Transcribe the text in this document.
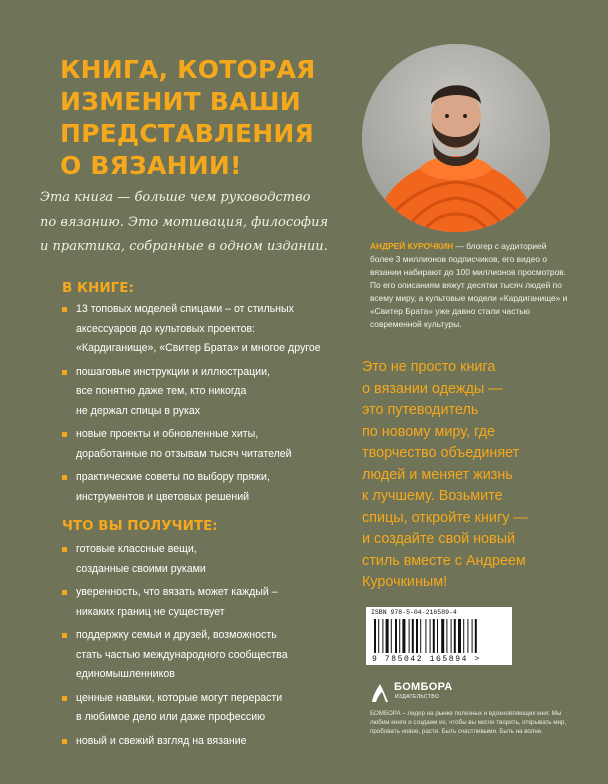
КНИГА, КОТОРАЯ
ИЗМЕНИТ ВАШИ
ПРЕДСТАВЛЕНИЯ
О ВЯЗАНИИ!
Эта книга — больше чем руководство
по вязанию. Это мотивация, философия
и практика, собранные в одном издании.
В КНИГЕ:
13 топовых моделей спицами – от стильных
аксессуаров до культовых проектов:
«Кардиганище», «Свитер Брата» и многое другое
пошаговые инструкции и иллюстрации,
все понятно даже тем, кто никогда
не держал спицы в руках
новые проекты и обновленные хиты,
доработанные по отзывам тысяч читателей
практические советы по выбору пряжи,
инструментов и цветовых решений
ЧТО ВЫ ПОЛУЧИТЕ:
готовые классные вещи,
созданные своими руками
уверенность, что вязать может каждый –
никаких границ не существует
поддержку семьи и друзей, возможность
стать частью международного сообщества
единомышленников
ценные навыки, которые могут перерасти
в любимое дело или даже профессию
новый и свежий взгляд на вязание
АНДРЕЙ КУРОЧКИН — блогер с аудиторией более 3 миллионов подписчиков, его видео о вязании набирают до 100 миллионов просмотров. По его описаниям вяжут десятки тысяч людей по всему миру, а культовые модели «Кардиганище» и «Свитер Брата» уже давно стали частью современной культуры.
Это не просто книга
о вязании одежды —
это путеводитель
по новому миру, где
творчество объединяет
людей и меняет жизнь
к лучшему. Возьмите
спицы, откройте книгу —
и создайте свой новый
стиль вместе с Андреем
Курочкиным!
ISBN 978-5-04-216589-4
9 785042 165894 >
БОМБОРА
ИЗДАТЕЛЬСТВО
БОМБОРА – лидер на рынке полезных и вдохновляющих книг. Мы любим книги и создаем их, чтобы вы могли творить, открывать мир, пробовать новое, расти. Быть счастливыми. Быть на волне.
